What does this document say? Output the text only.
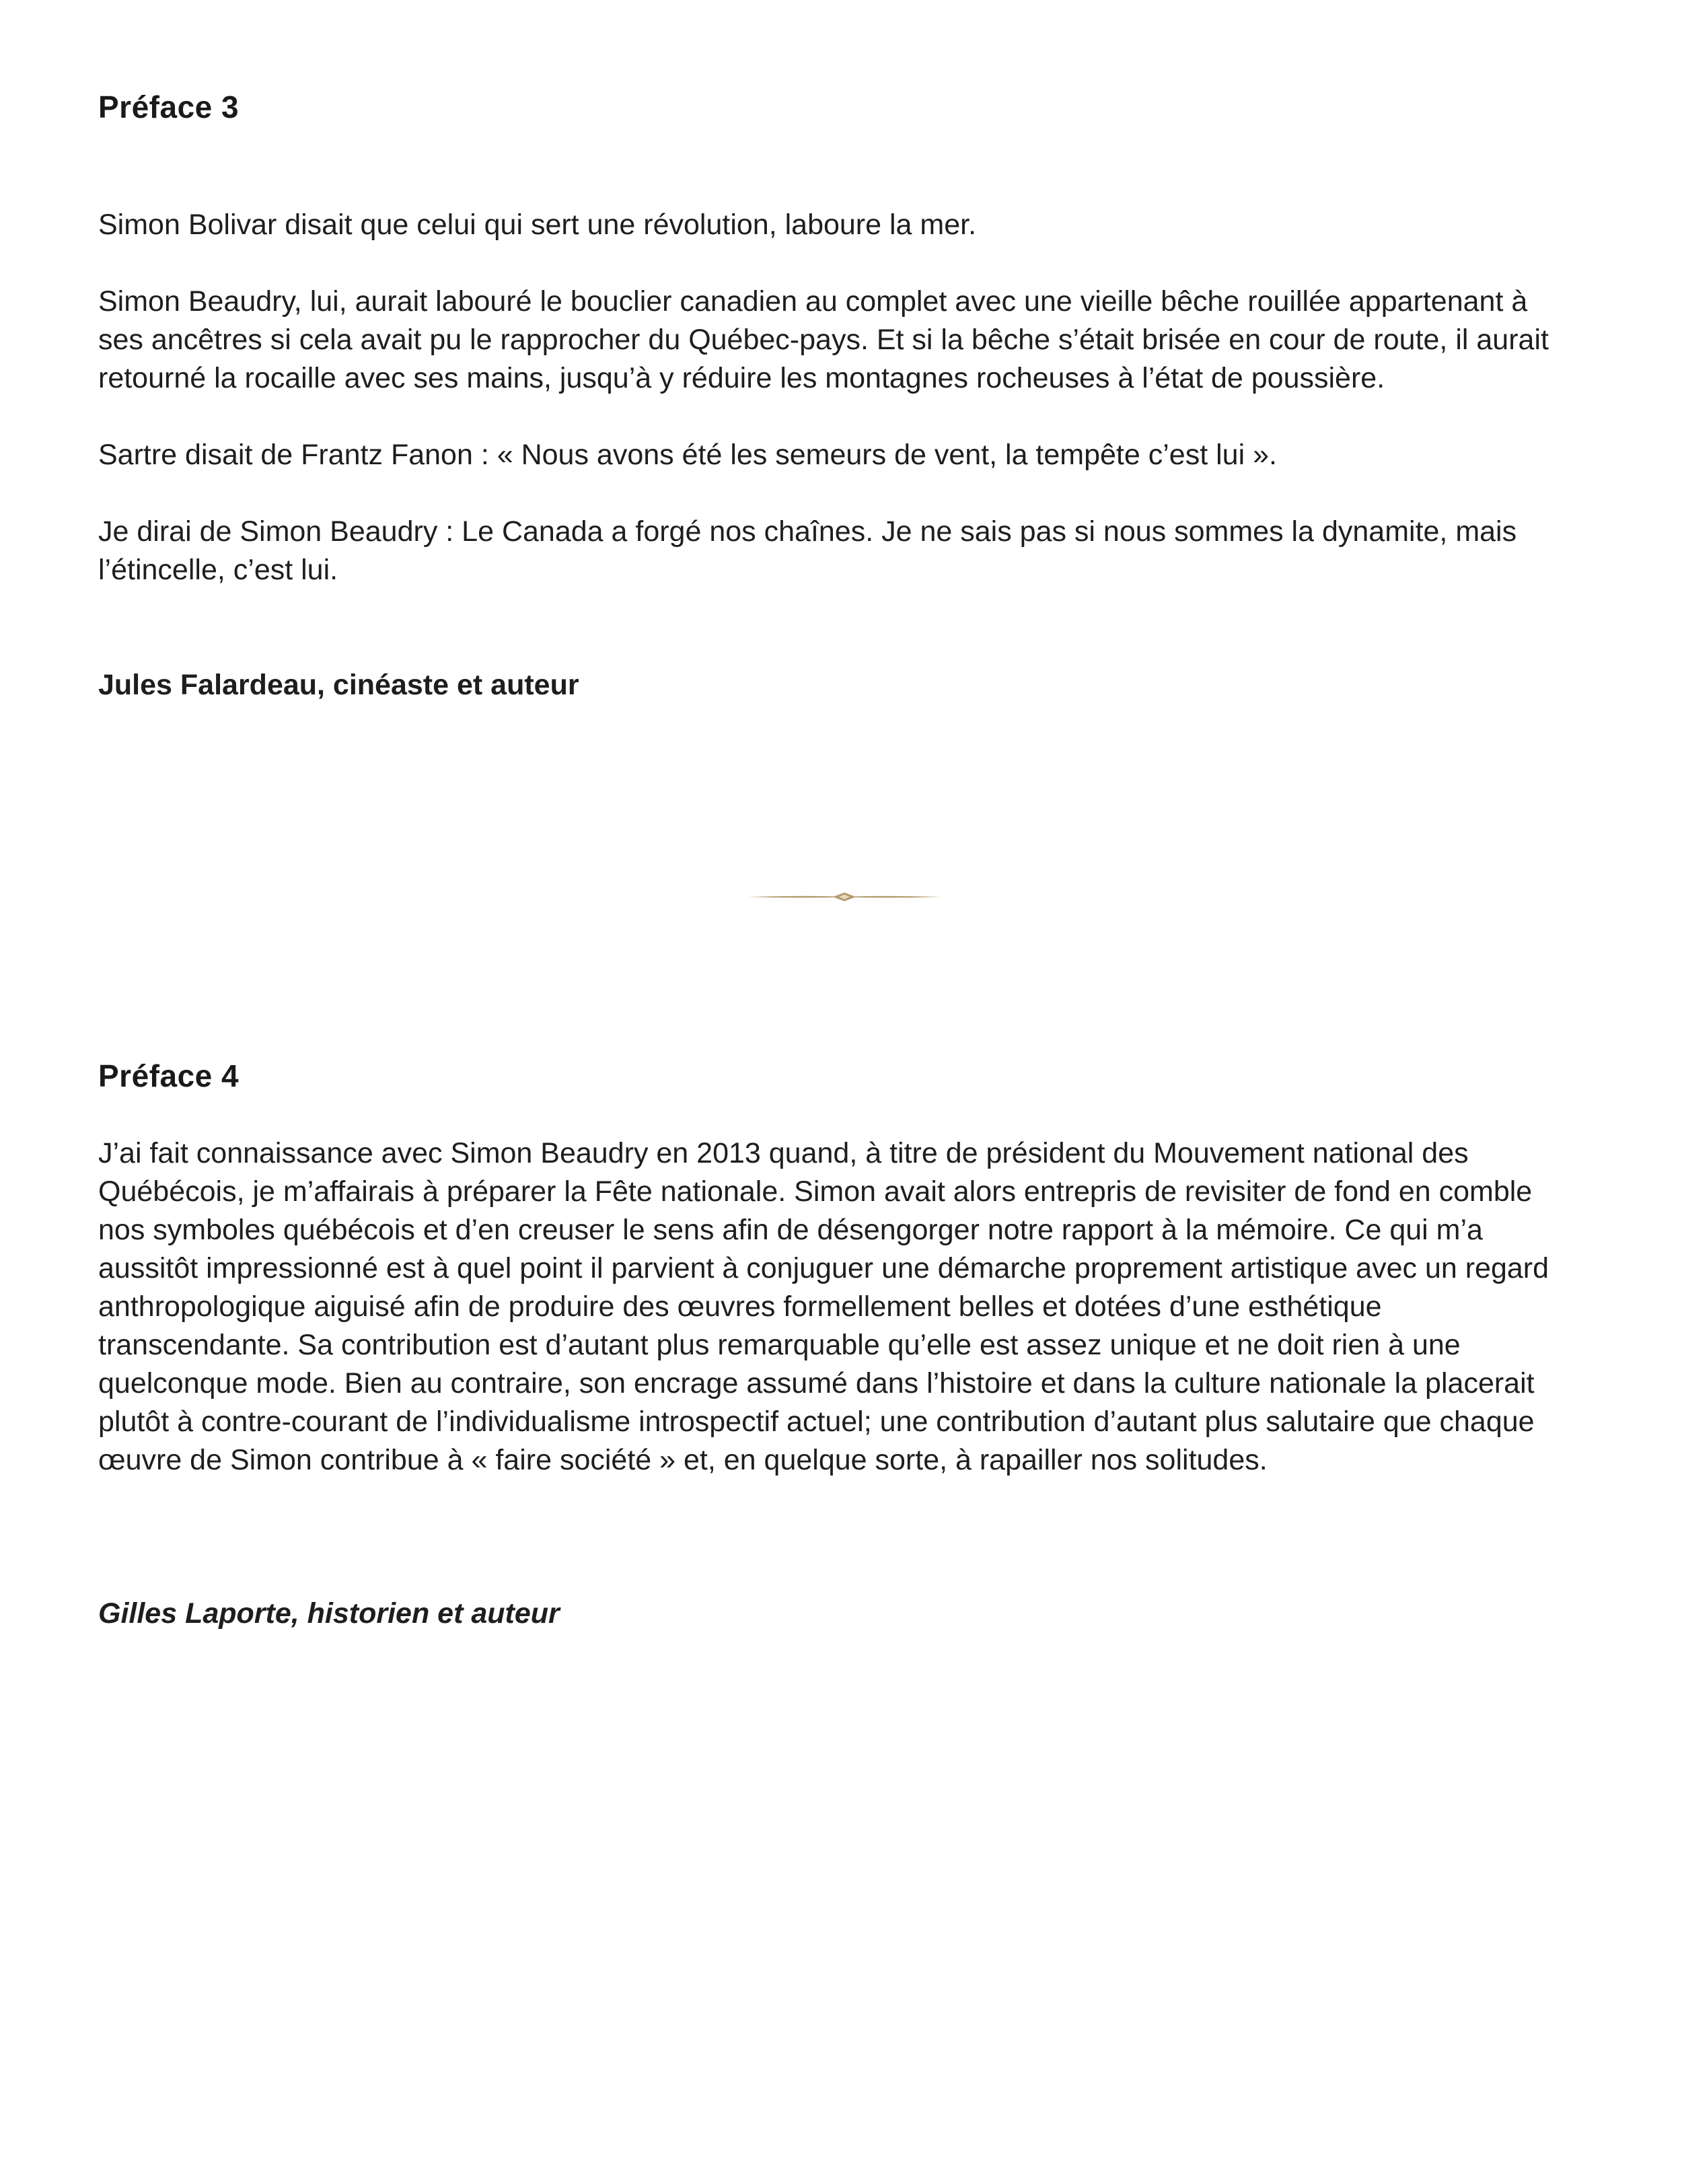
Préface 3

Simon Bolivar disait que celui qui sert une révolution, laboure la mer.

Simon Beaudry, lui, aurait labouré le bouclier canadien au complet avec une vieille bêche rouillée appartenant à ses ancêtres si cela avait pu le rapprocher du Québec-pays. Et si la bêche s’était brisée en cour de route, il aurait retourné la rocaille avec ses mains, jusqu’à y réduire les montagnes rocheuses à l’état de poussière.

Sartre disait de Frantz Fanon : « Nous avons été les semeurs de vent, la tempête c’est lui ».

Je dirai de Simon Beaudry : Le Canada a forgé nos chaînes. Je ne sais pas si nous sommes la dynamite, mais l’étincelle, c’est lui.

Jules Falardeau, cinéaste et auteur

Préface 4

J’ai fait connaissance avec Simon Beaudry en 2013 quand, à titre de président du Mouvement national des Québécois, je m’affairais à préparer la Fête nationale. Simon avait alors entrepris de revisiter de fond en comble nos symboles québécois et d’en creuser le sens afin de désengorger notre rapport à la mémoire. Ce qui m’a aussitôt impressionné est à quel point il parvient à conjuguer une démarche proprement artistique avec un regard anthropologique aiguisé afin de produire des œuvres formellement belles et dotées d’une esthétique transcendante. Sa contribution est d’autant plus remarquable qu’elle est assez unique et ne doit rien à une quelconque mode. Bien au contraire, son encrage assumé dans l’histoire et dans la culture nationale la placerait plutôt à contre-courant de l’individualisme introspectif actuel; une contribution d’autant plus salutaire que chaque œuvre de Simon contribue à « faire société » et, en quelque sorte, à rapailler nos solitudes.

Gilles Laporte, historien et auteur
